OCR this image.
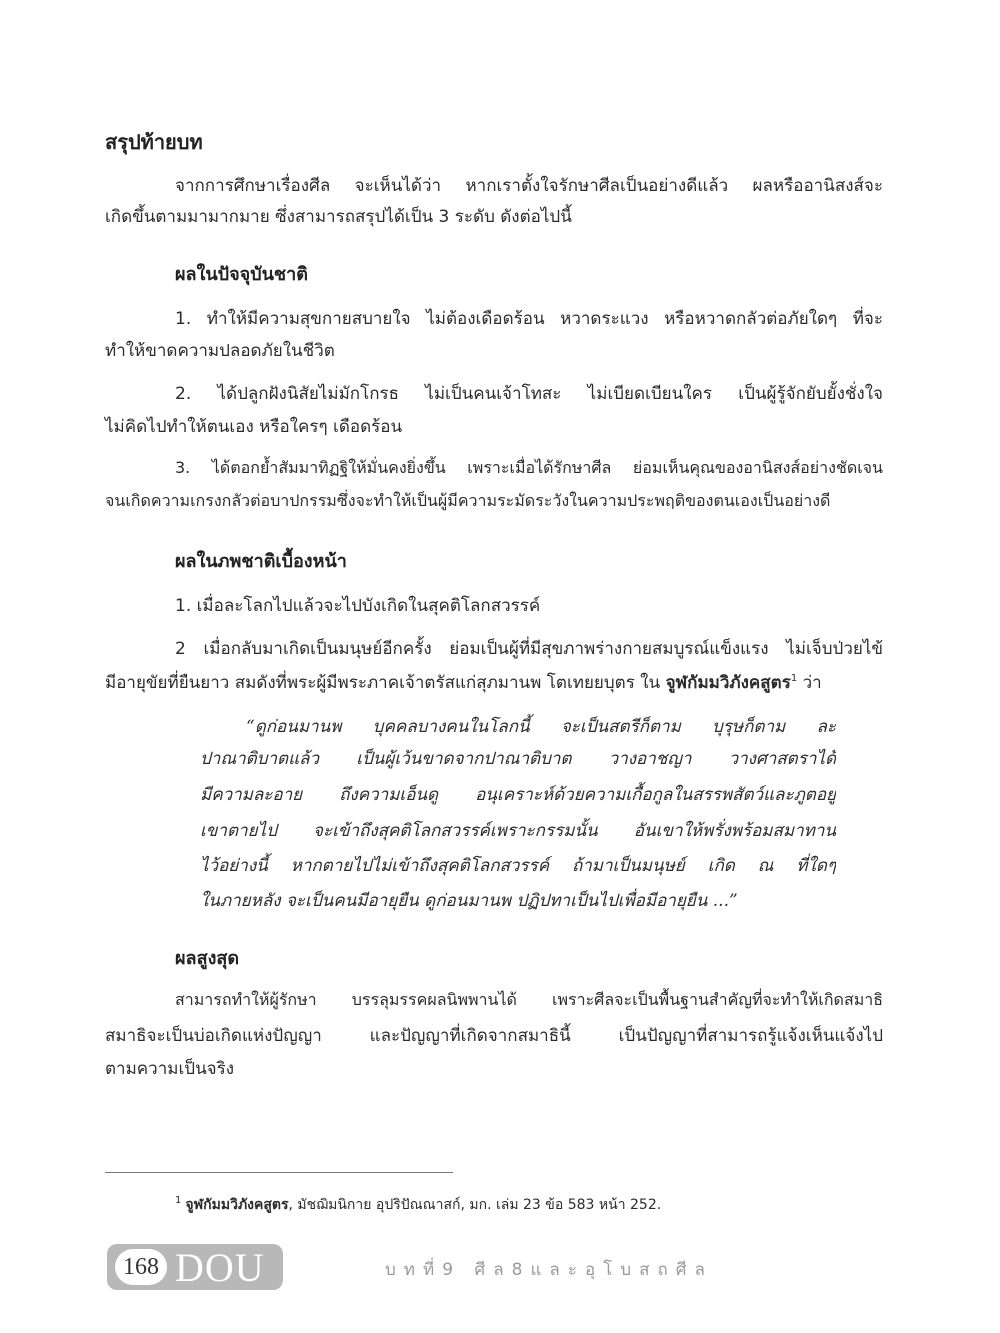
สรุปท้ายบท
จากการศึกษาเรื่องศีล จะเห็นได้ว่า หากเราตั้งใจรักษาศีลเป็นอย่างดีแล้ว ผลหรืออานิสงส์จะ
เกิดขึ้นตามมามากมาย ซึ่งสามารถสรุปได้เป็น 3 ระดับ ดังต่อไปนี้
ผลในปัจจุบันชาติ
1. ทำให้มีความสุขกายสบายใจ ไม่ต้องเดือดร้อน หวาดระแวง หรือหวาดกลัวต่อภัยใดๆ ที่จะ
ทำให้ขาดความปลอดภัยในชีวิต
2. ได้ปลูกฝังนิสัยไม่มักโกรธ ไม่เป็นคนเจ้าโทสะ ไม่เบียดเบียนใคร เป็นผู้รู้จักยับยั้งชั่งใจ
ไม่คิดไปทำให้ตนเอง หรือใครๆ เดือดร้อน
3. ได้ตอกย้ำสัมมาทิฏฐิให้มั่นคงยิ่งขึ้น เพราะเมื่อได้รักษาศีล ย่อมเห็นคุณของอานิสงส์อย่างชัดเจน
จนเกิดความเกรงกลัวต่อบาปกรรมซึ่งจะทำให้เป็นผู้มีความระมัดระวังในความประพฤติของตนเองเป็นอย่างดี
ผลในภพชาติเบื้องหน้า
1. เมื่อละโลกไปแล้วจะไปบังเกิดในสุคติโลกสวรรค์
2 เมื่อกลับมาเกิดเป็นมนุษย์อีกครั้ง ย่อมเป็นผู้ที่มีสุขภาพร่างกายสมบูรณ์แข็งแรง ไม่เจ็บป่วยไข้
มีอายุขัยที่ยืนยาว สมดังที่พระผู้มีพระภาคเจ้าตรัสแก่สุภมานพ โตเทยยบุตร ใน จูฬกัมมวิภังคสูตร$^1$ ว่า
“ดูก่อนมานพ บุคคลบางคนในโลกนี้ จะเป็นสตรีก็ตาม บุรุษก็ตาม ละ
ปาณาติบาตแล้ว เป็นผู้เว้นขาดจากปาณาติบาต วางอาชญา วางศาสตราได้
มีความละอาย ถึงความเอ็นดู อนุเคราะห์ด้วยความเกื้อกูลในสรรพสัตว์และภูตอยู่
เขาตายไป จะเข้าถึงสุคติโลกสวรรค์เพราะกรรมนั้น อันเขาให้พรั่งพร้อมสมาทาน
ไว้อย่างนี้ หากตายไปไม่เข้าถึงสุคติโลกสวรรค์ ถ้ามาเป็นมนุษย์ เกิด ณ ที่ใดๆ
ในภายหลัง จะเป็นคนมีอายุยืน ดูก่อนมานพ ปฏิปทาเป็นไปเพื่อมีอายุยืน ...”
ผลสูงสุด
สามารถทำให้ผู้รักษา บรรลุมรรคผลนิพพานได้ เพราะศีลจะเป็นพื้นฐานสำคัญที่จะทำให้เกิดสมาธิ
สมาธิจะเป็นบ่อเกิดแห่งปัญญา และปัญญาที่เกิดจากสมาธินี้ เป็นปัญญาที่สามารถรู้แจ้งเห็นแจ้งไป
ตามความเป็นจริง
$^1$ จูฬกัมมวิภังคสูตร, มัชฌิมนิกาย อุปริปัณณาสก์, มก. เล่ม 23 ข้อ 583 หน้า 252.
168 DOU	บทที่9 ศีล8และอุโบสถศีล
